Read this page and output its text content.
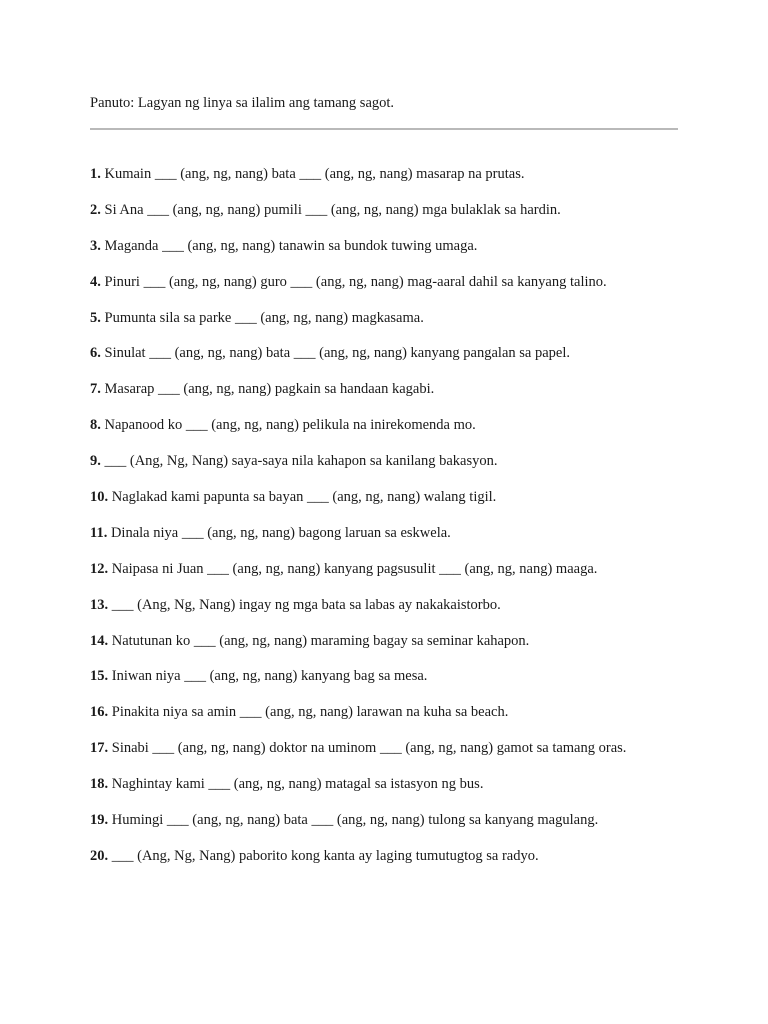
Panuto: Lagyan ng linya sa ilalim ang tamang sagot.
1. Kumain ___ (ang, ng, nang) bata ___ (ang, ng, nang) masarap na prutas.
2. Si Ana ___ (ang, ng, nang) pumili ___ (ang, ng, nang) mga bulaklak sa hardin.
3. Maganda ___ (ang, ng, nang) tanawin sa bundok tuwing umaga.
4. Pinuri ___ (ang, ng, nang) guro ___ (ang, ng, nang) mag-aaral dahil sa kanyang talino.
5. Pumunta sila sa parke ___ (ang, ng, nang) magkasama.
6. Sinulat ___ (ang, ng, nang) bata ___ (ang, ng, nang) kanyang pangalan sa papel.
7. Masarap ___ (ang, ng, nang) pagkain sa handaan kagabi.
8. Napanood ko ___ (ang, ng, nang) pelikula na inirekomenda mo.
9. ___ (Ang, Ng, Nang) saya-saya nila kahapon sa kanilang bakasyon.
10. Naglakad kami papunta sa bayan ___ (ang, ng, nang) walang tigil.
11. Dinala niya ___ (ang, ng, nang) bagong laruan sa eskwela.
12. Naipasa ni Juan ___ (ang, ng, nang) kanyang pagsusulit ___ (ang, ng, nang) maaga.
13. ___ (Ang, Ng, Nang) ingay ng mga bata sa labas ay nakakaistorbo.
14. Natutunan ko ___ (ang, ng, nang) maraming bagay sa seminar kahapon.
15. Iniwan niya ___ (ang, ng, nang) kanyang bag sa mesa.
16. Pinakita niya sa amin ___ (ang, ng, nang) larawan na kuha sa beach.
17. Sinabi ___ (ang, ng, nang) doktor na uminom ___ (ang, ng, nang) gamot sa tamang oras.
18. Naghintay kami ___ (ang, ng, nang) matagal sa istasyon ng bus.
19. Humingi ___ (ang, ng, nang) bata ___ (ang, ng, nang) tulong sa kanyang magulang.
20. ___ (Ang, Ng, Nang) paborito kong kanta ay laging tumutugtog sa radyo.
